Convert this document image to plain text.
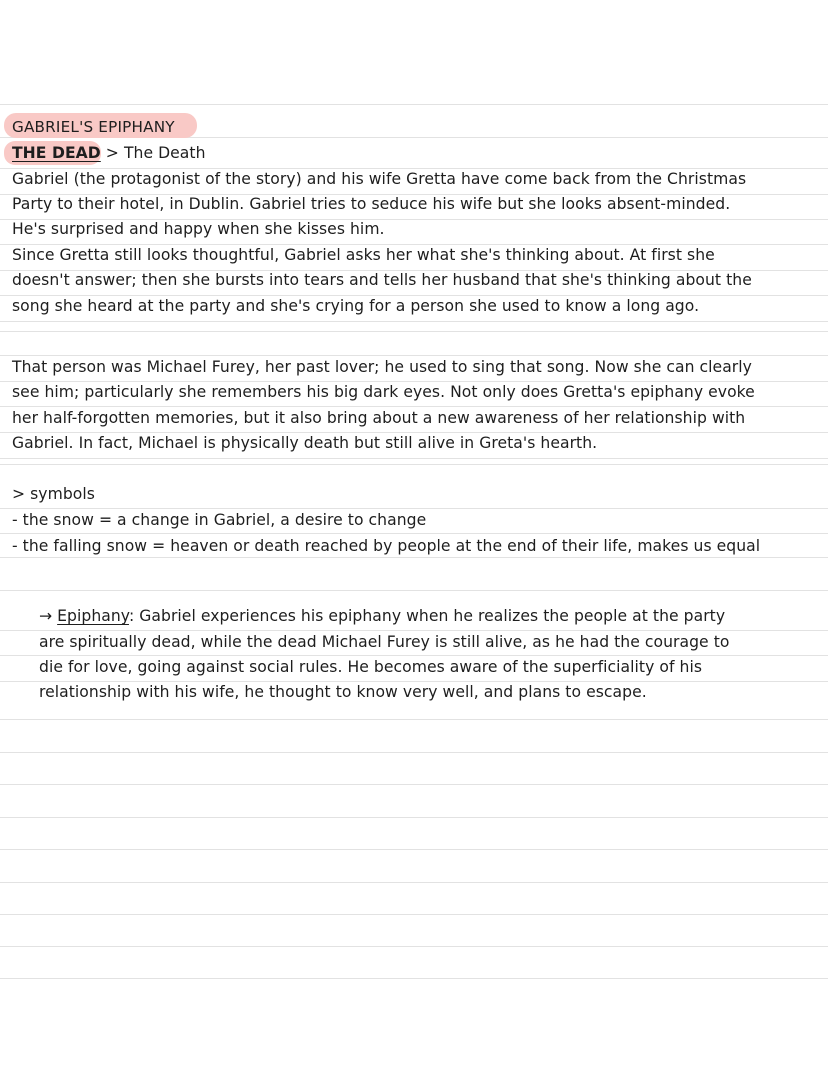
GABRIEL'S EPIPHANY
THE DEAD > The Death
Gabriel (the protagonist of the story) and his wife Gretta have come back from the Christmas
Party to their hotel, in Dublin. Gabriel tries to seduce his wife but she looks absent-minded.
He's surprised and happy when she kisses him.
Since Gretta still looks thoughtful, Gabriel asks her what she's thinking about. At first she
doesn't answer; then she bursts into tears and tells her husband that she's thinking about the
song she heard at the party and she's crying for a person she used to know a long ago.
That person was Michael Furey, her past lover; he used to sing that song. Now she can clearly
see him; particularly she remembers his big dark eyes. Not only does Gretta's epiphany evoke
her half-forgotten memories, but it also bring about a new awareness of her relationship with
Gabriel. In fact, Michael is physically death but still alive in Greta's hearth.
> symbols
- the snow = a change in Gabriel, a desire to change
- the falling snow = heaven or death reached by people at the end of their life, makes us equal
→ Epiphany: Gabriel experiences his epiphany when he realizes the people at the party
are spiritually dead, while the dead Michael Furey is still alive, as he had the courage to
die for love, going against social rules. He becomes aware of the superficiality of his
relationship with his wife, he thought to know very well, and plans to escape.
